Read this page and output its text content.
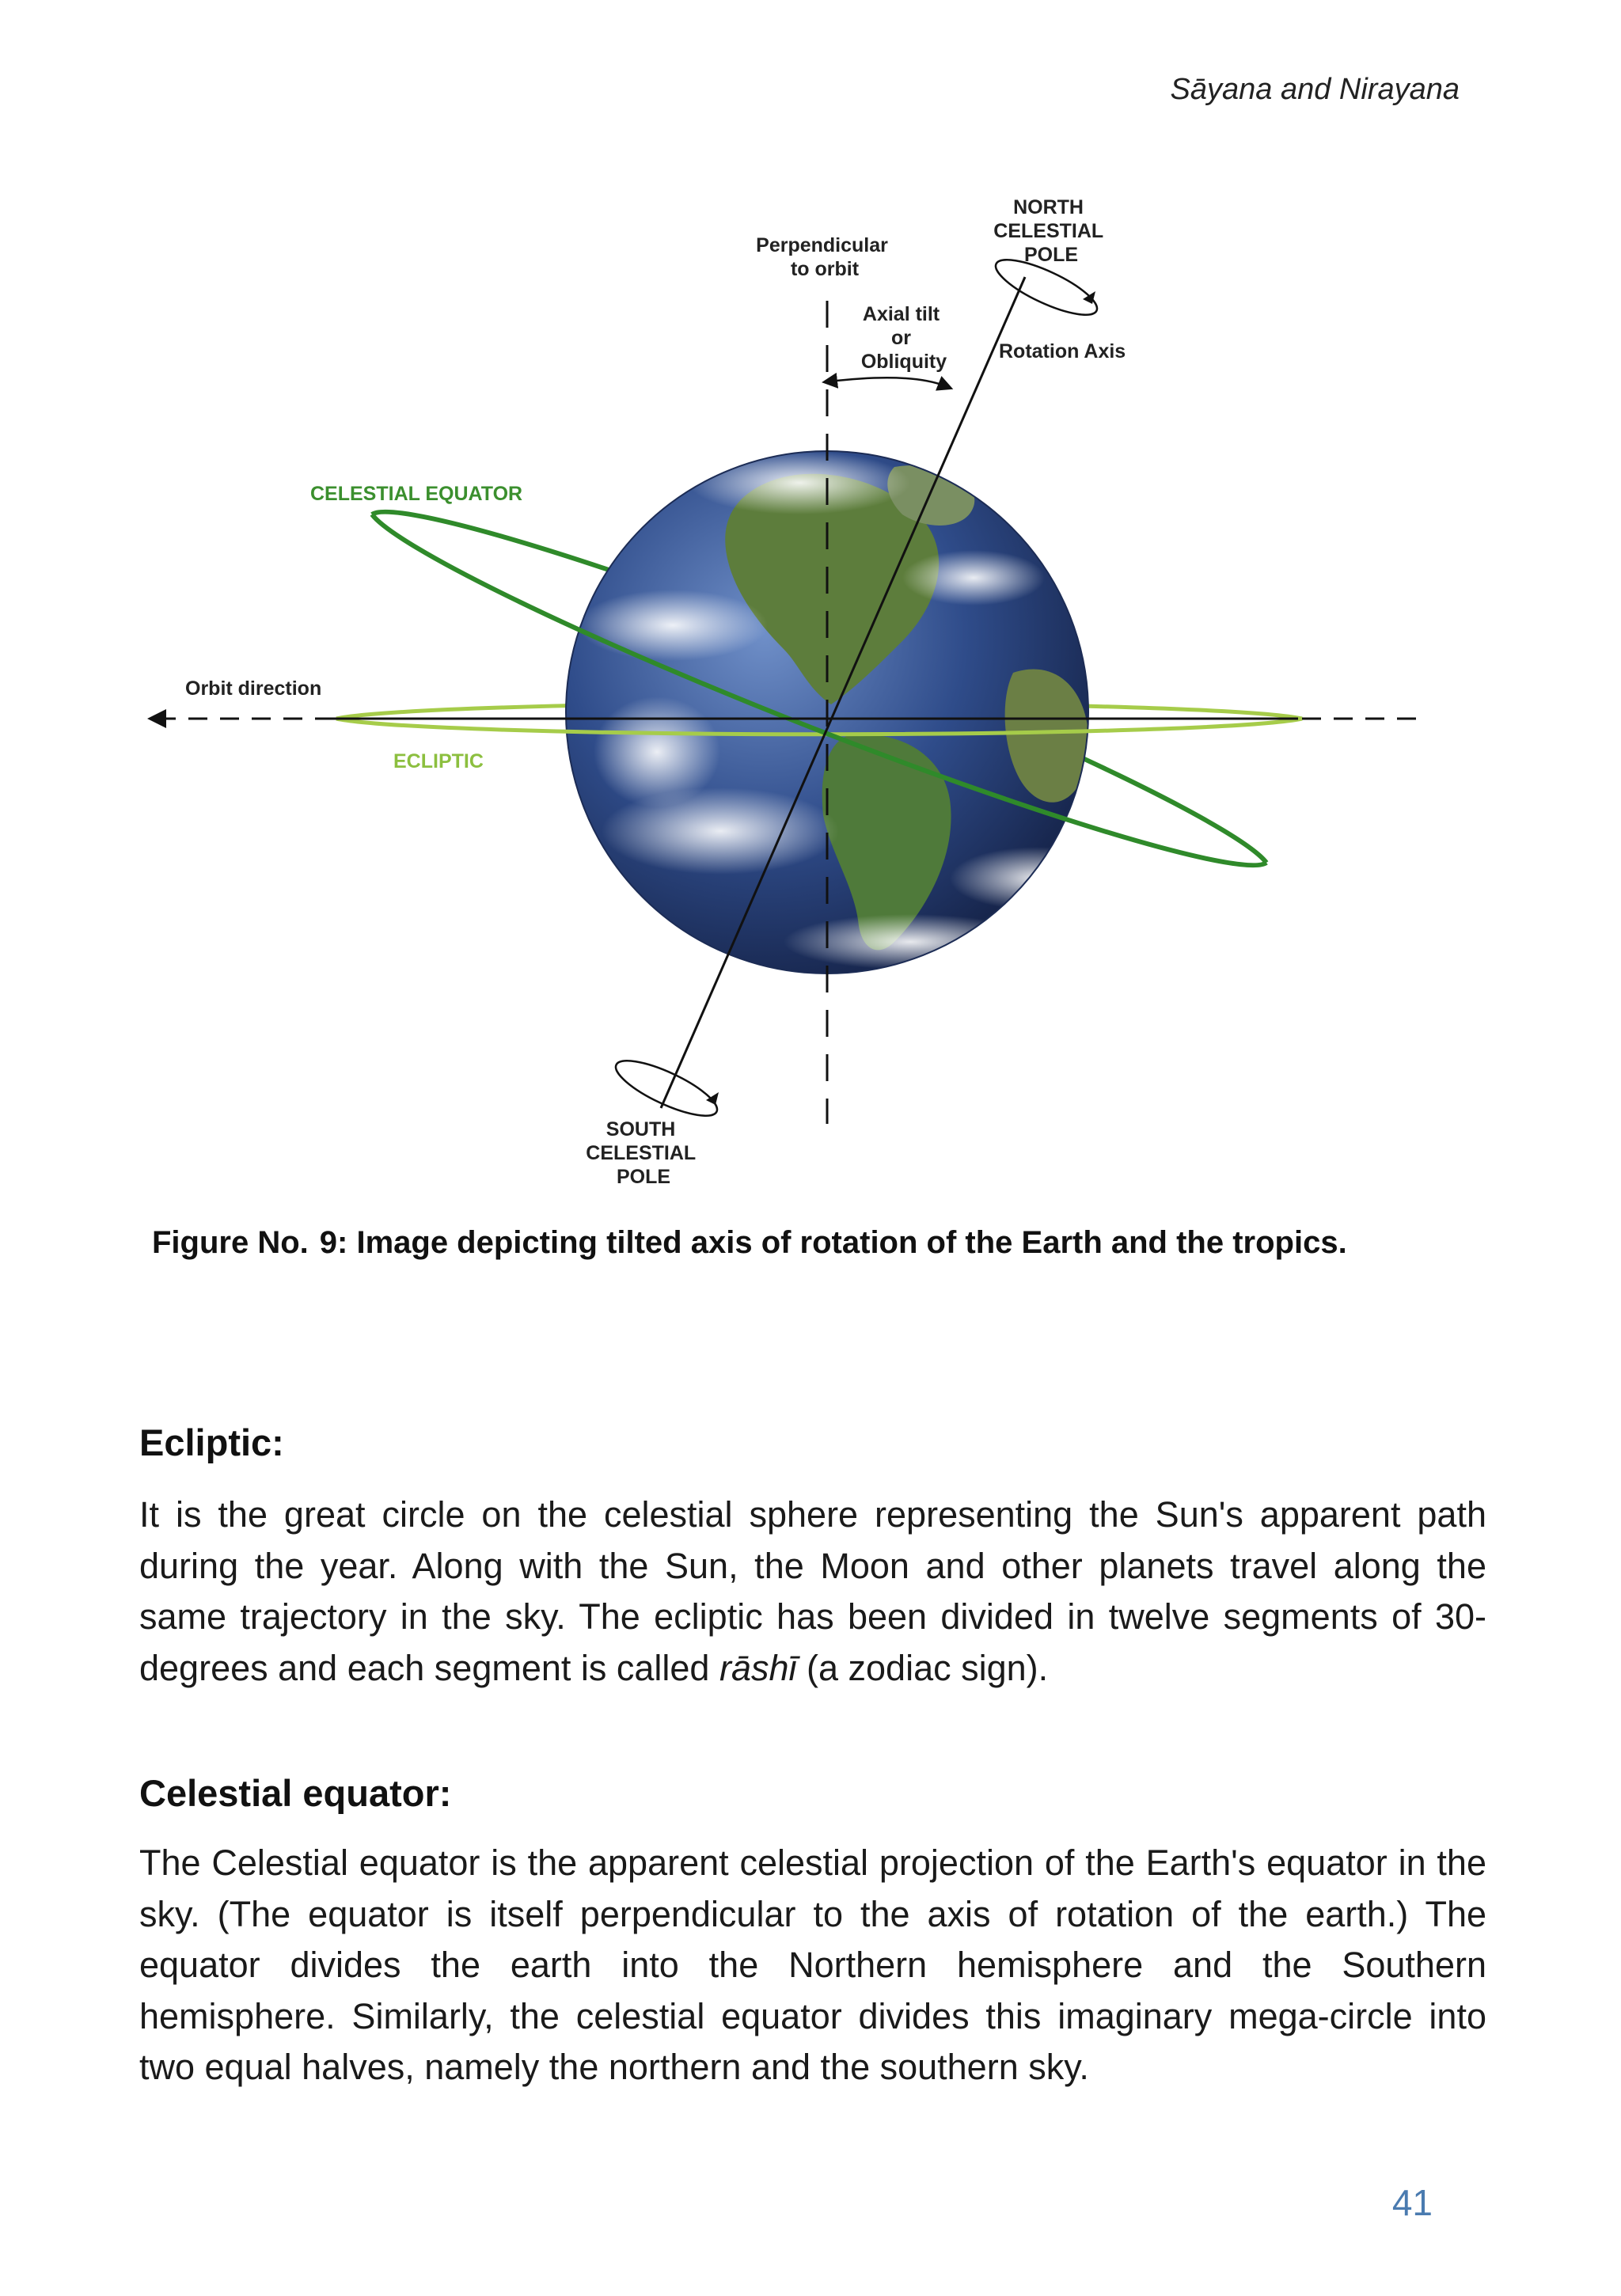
Sāyana and Nirayana
NORTH CELESTIAL POLE
Perpendicular to orbit
Axial tilt or Obliquity	Rotation Axis
CELESTIAL EQUATOR
Orbit direction
ECLIPTIC
SOUTH CELESTIAL POLE
Figure No. 9: Image depicting tilted axis of rotation of the Earth and the tropics.
Ecliptic:
It is the great circle on the celestial sphere representing the Sun's apparent path during the year. Along with the Sun, the Moon and other planets travel along the same trajectory in the sky. The ecliptic has been divided in twelve segments of 30-degrees and each segment is called rāshī (a zodiac sign).
Celestial equator:
The Celestial equator is the apparent celestial projection of the Earth's equator in the sky. (The equator is itself perpendicular to the axis of rotation of the earth.) The equator divides the earth into the Northern hemisphere and the Southern hemisphere. Similarly, the celestial equator divides this imaginary mega-circle into two equal halves, namely the northern and the southern sky.
41
